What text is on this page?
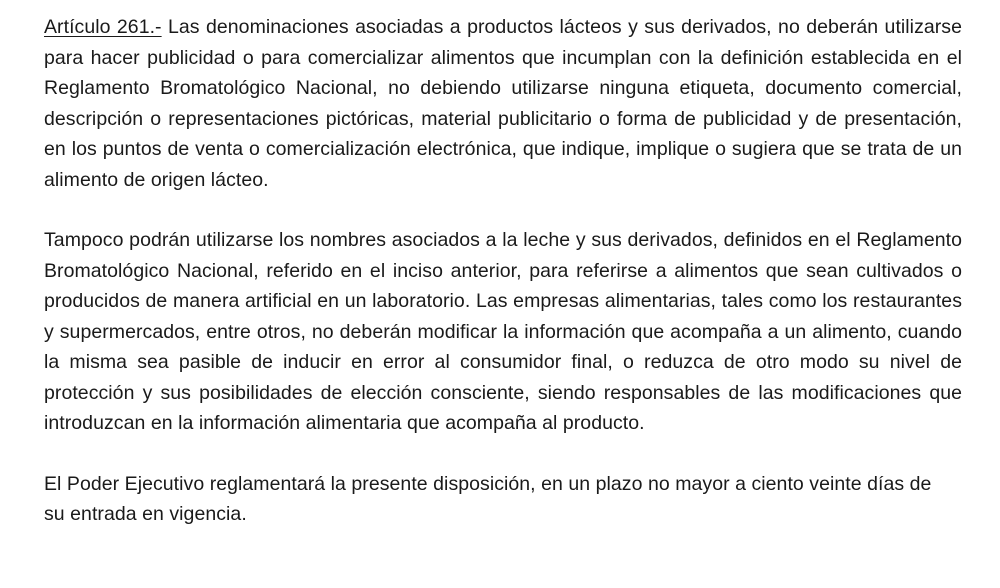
Artículo 261.- Las denominaciones asociadas a productos lácteos y sus derivados, no deberán utilizarse para hacer publicidad o para comercializar alimentos que incumplan con la definición establecida en el Reglamento Bromatológico Nacional, no debiendo utilizarse ninguna etiqueta, documento comercial, descripción o representaciones pictóricas, material publicitario o forma de publicidad y de presentación, en los puntos de venta o comercialización electrónica, que indique, implique o sugiera que se trata de un alimento de origen lácteo.

Tampoco podrán utilizarse los nombres asociados a la leche y sus derivados, definidos en el Reglamento Bromatológico Nacional, referido en el inciso anterior, para referirse a alimentos que sean cultivados o producidos de manera artificial en un laboratorio. Las empresas alimentarias, tales como los restaurantes y supermercados, entre otros, no deberán modificar la información que acompaña a un alimento, cuando la misma sea pasible de inducir en error al consumidor final, o reduzca de otro modo su nivel de protección y sus posibilidades de elección consciente, siendo responsables de las modificaciones que introduzcan en la información alimentaria que acompaña al producto.

El Poder Ejecutivo reglamentará la presente disposición, en un plazo no mayor a ciento veinte días de su entrada en vigencia.
